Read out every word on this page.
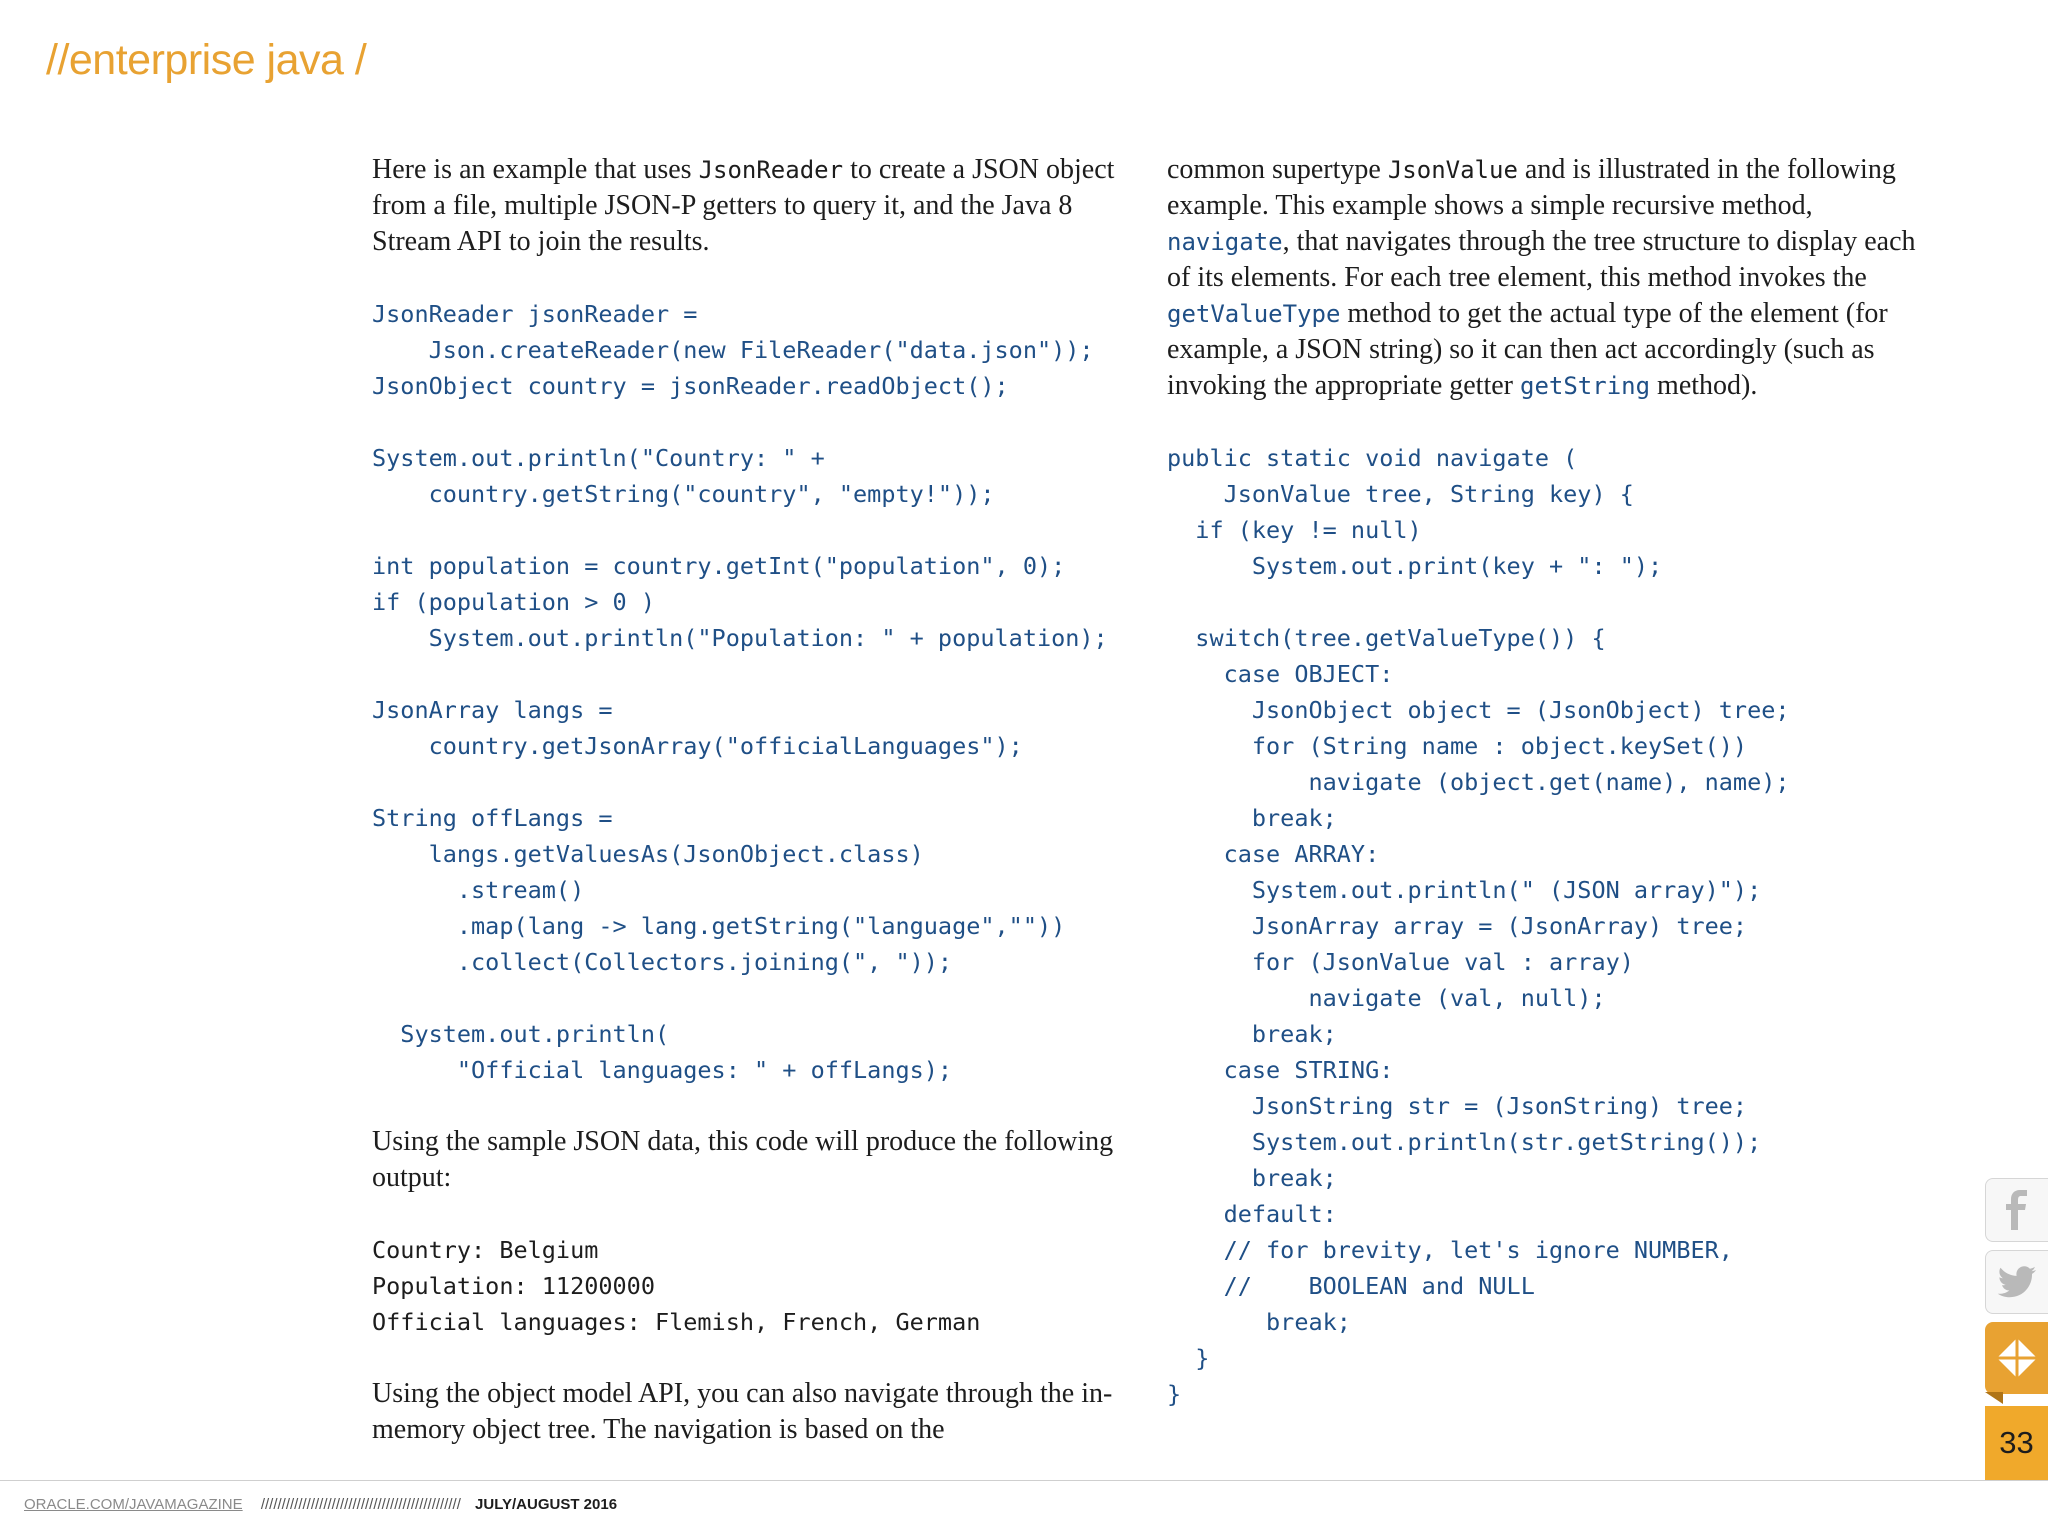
//enterprise java /

Here is an example that uses JsonReader to create a JSON object from a file, multiple JSON-P getters to query it, and the Java 8 Stream API to join the results.

JsonReader jsonReader =
Json.createReader(new FileReader("data.json"));
JsonObject country = jsonReader.readObject();

System.out.println("Country: " +
country.getString("country", "empty!"));

int population = country.getInt("population", 0);
if (population > 0 )
System.out.println("Population: " + population);

JsonArray langs =
country.getJsonArray("officialLanguages");

String offLangs =
langs.getValuesAs(JsonObject.class)
.stream()
.map(lang -> lang.getString("language",""))
.collect(Collectors.joining(", "));

System.out.println(
"Official languages: " + offLangs);

Using the sample JSON data, this code will produce the following output:

Country: Belgium
Population: 11200000
Official languages: Flemish, French, German

Using the object model API, you can also navigate through the in-memory object tree. The navigation is based on the

common supertype JsonValue and is illustrated in the following example. This example shows a simple recursive method, navigate, that navigates through the tree structure to display each of its elements. For each tree element, this method invokes the getValueType method to get the actual type of the element (for example, a JSON string) so it can then act accordingly (such as invoking the appropriate getter getString method).

public static void navigate (
JsonValue tree, String key) {
if (key != null)
System.out.print(key + ": ");

switch(tree.getValueType()) {
case OBJECT:
JsonObject object = (JsonObject) tree;
for (String name : object.keySet())
navigate (object.get(name), name);
break;
case ARRAY:
System.out.println(" (JSON array)");
JsonArray array = (JsonArray) tree;
for (JsonValue val : array)
navigate (val, null);
break;
case STRING:
JsonString str = (JsonString) tree;
System.out.println(str.getString());
break;
default:
// for brevity, let's ignore NUMBER,
//    BOOLEAN and NULL
break;
}
}
ORACLE.COM/JAVAMAGAZINE //////////////////////////////////////////////// JULY/AUGUST 2016
33
